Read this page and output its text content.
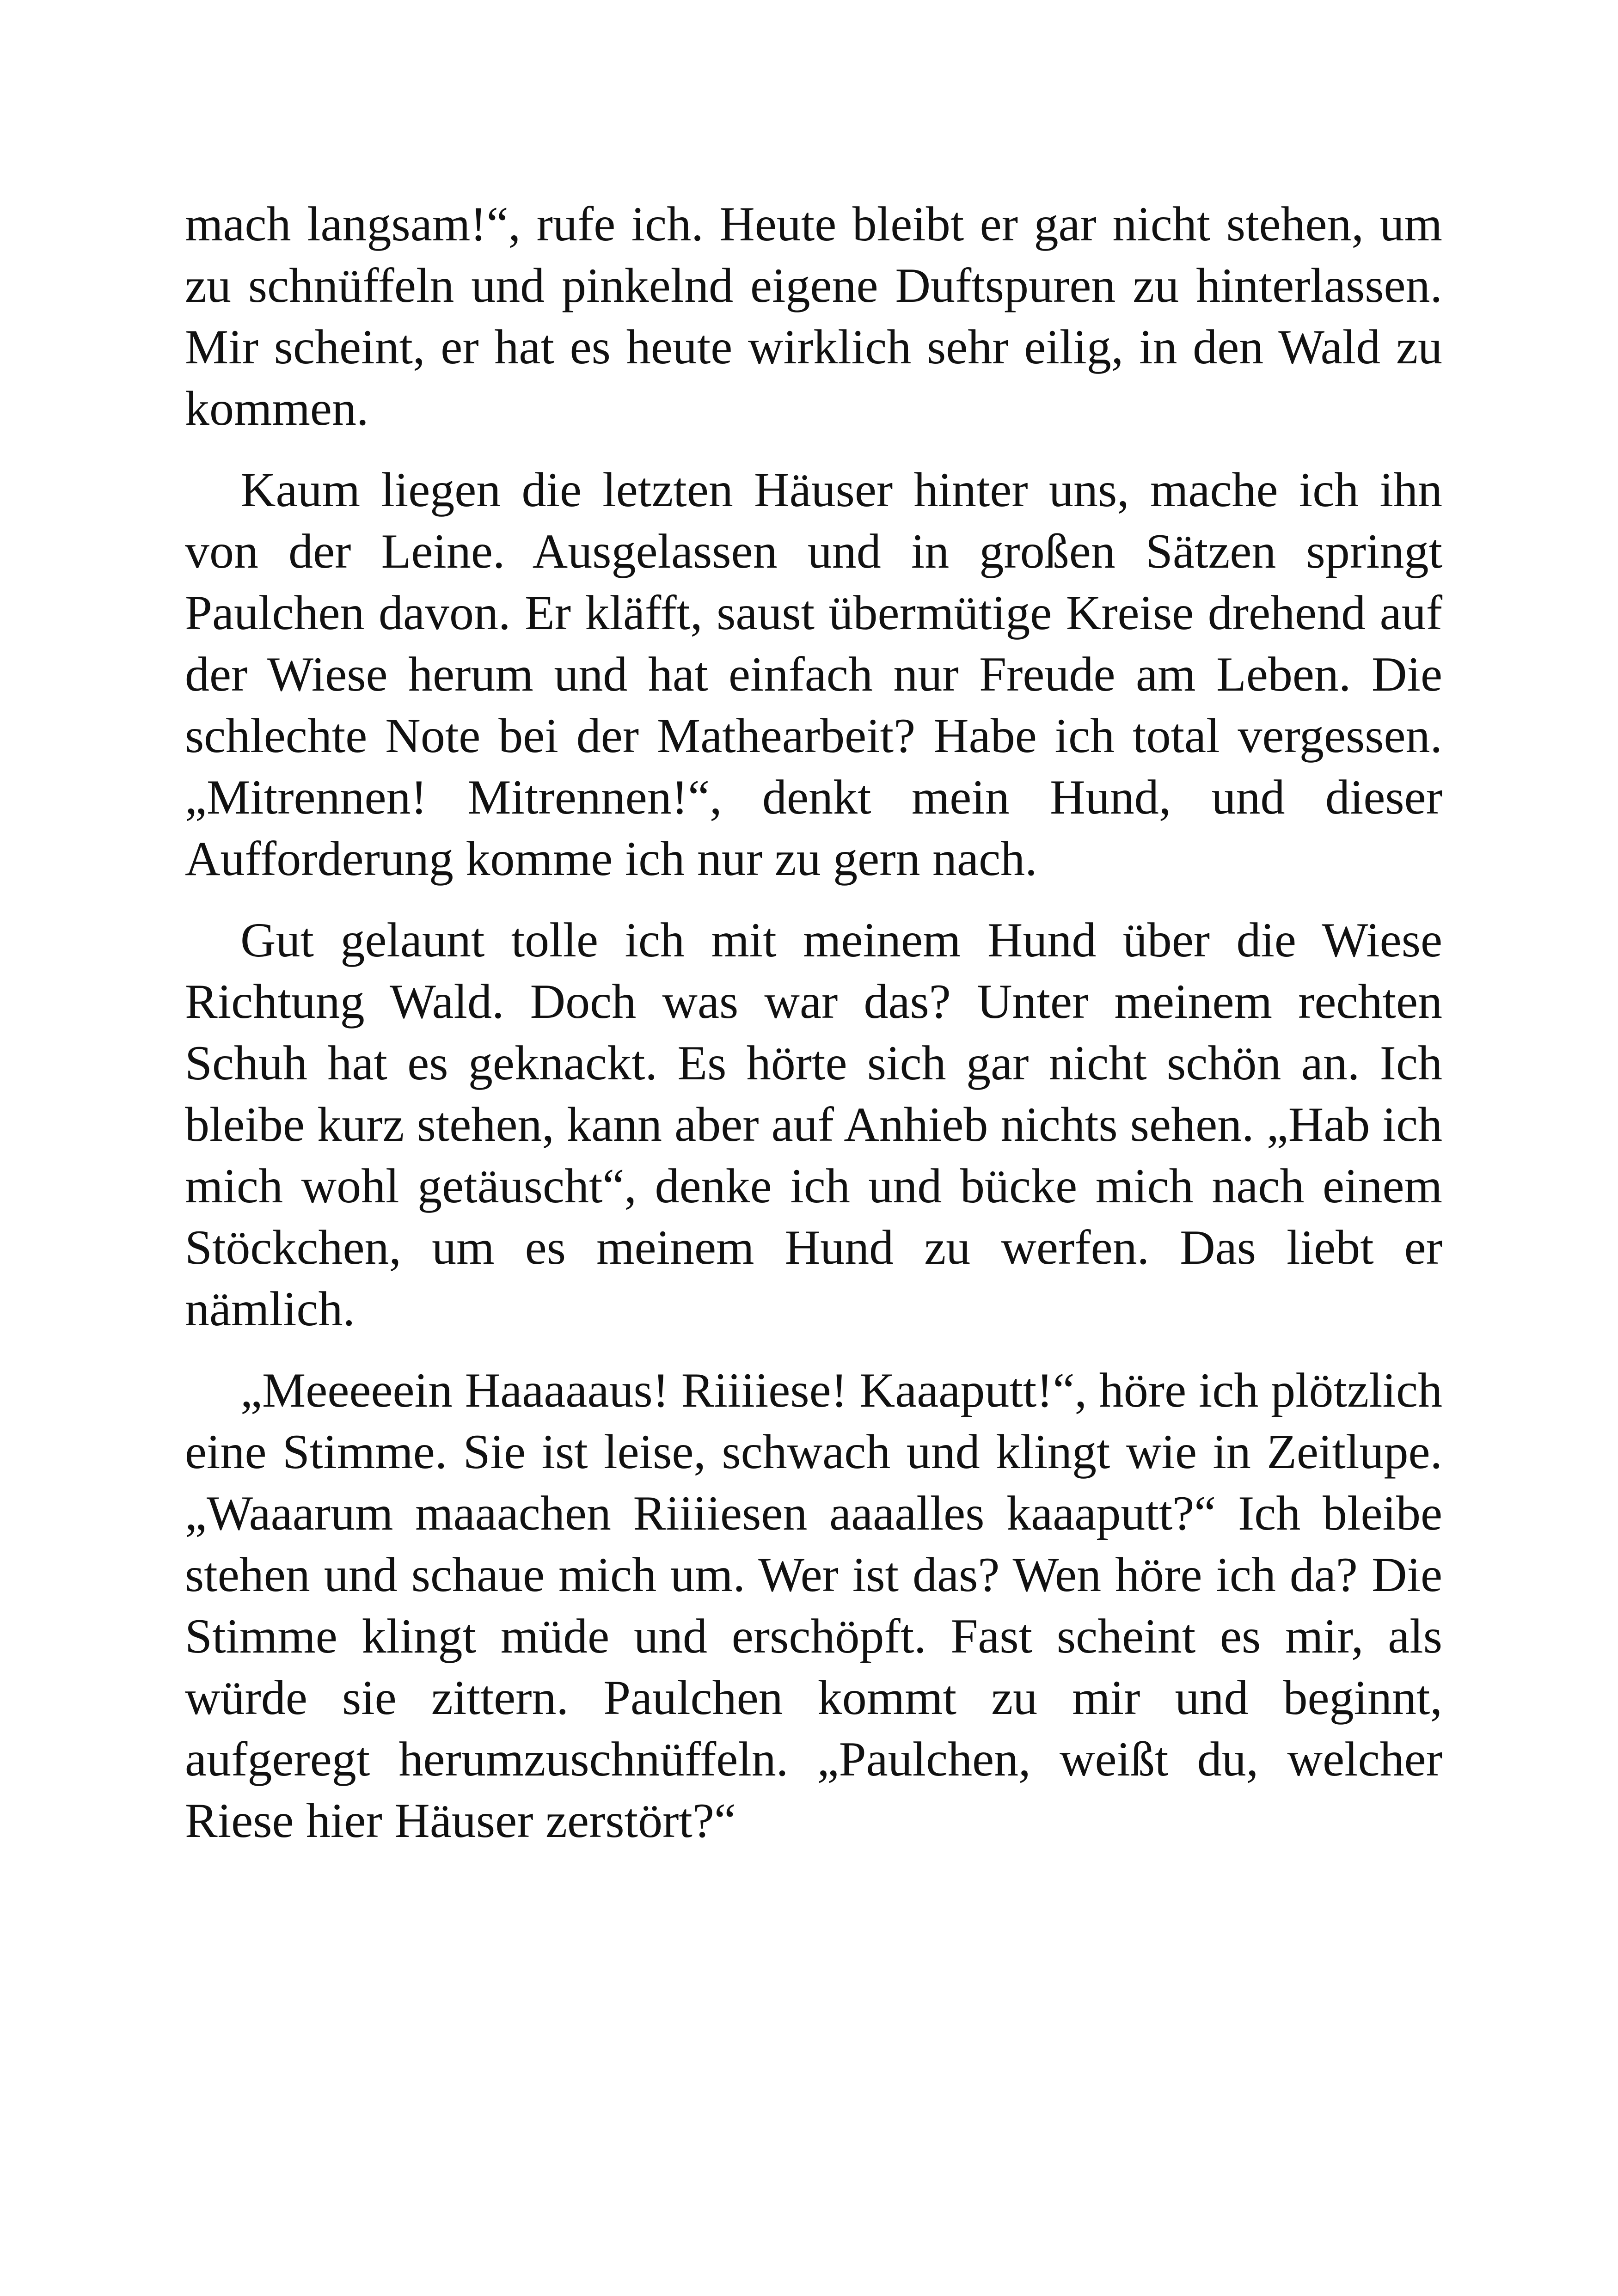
mach langsam!“, rufe ich. Heute bleibt er gar nicht stehen, um zu schnüffeln und pinkelnd eigene Duftspuren zu hinterlassen. Mir scheint, er hat es heute wirklich sehr eilig, in den Wald zu kommen.

Kaum liegen die letzten Häuser hinter uns, mache ich ihn von der Leine. Ausgelassen und in großen Sätzen springt Paulchen davon. Er kläfft, saust übermütige Kreise drehend auf der Wiese herum und hat einfach nur Freude am Leben. Die schlechte Note bei der Mathearbeit? Habe ich total vergessen. „Mitrennen! Mitrennen!“, denkt mein Hund, und dieser Aufforderung komme ich nur zu gern nach.

Gut gelaunt tolle ich mit meinem Hund über die Wiese Richtung Wald. Doch was war das? Unter meinem rechten Schuh hat es geknackt. Es hörte sich gar nicht schön an. Ich bleibe kurz stehen, kann aber auf Anhieb nichts sehen. „Hab ich mich wohl getäuscht“, denke ich und bücke mich nach einem Stöckchen, um es meinem Hund zu werfen. Das liebt er nämlich.

„Meeeeein Haaaaaus! Riiiiese! Kaaaputt!“, höre ich plötzlich eine Stimme. Sie ist leise, schwach und klingt wie in Zeitlupe. „Waaarum maaachen Riiiiesen aaaalles kaaaputt?“ Ich bleibe stehen und schaue mich um. Wer ist das? Wen höre ich da? Die Stimme klingt müde und erschöpft. Fast scheint es mir, als würde sie zittern. Paulchen kommt zu mir und beginnt, aufgeregt herumzuschnüffeln. „Paulchen, weißt du, welcher Riese hier Häuser zerstört?“
